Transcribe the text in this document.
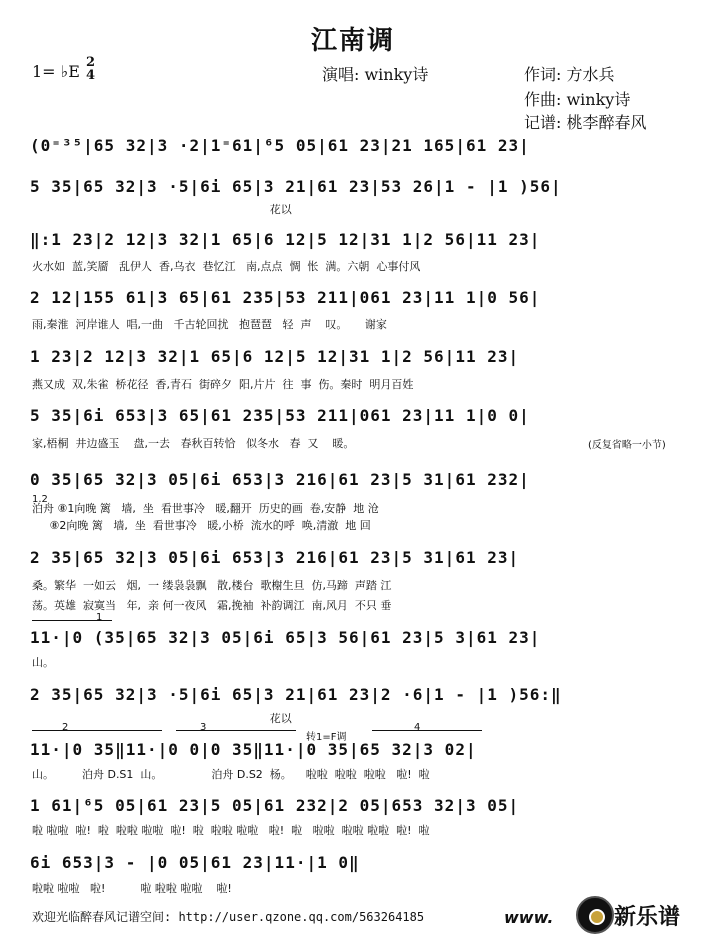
江南调
1= ♭E 2
4	演唱: winky诗	作词: 方水兵
作曲: winky诗
记谱: 桃李醉春风
(0⁼³⁵|65 32|3 ·2|1⁼61|⁶5 05|61 23|21 165|61 23|
5 35|65 32|3 ·5|6i 65|3 21|61 23|53 26|1 - |1 )56|
花以
‖:1 23|2 12|3 32|1 65|6 12|5 12|31 1|2 56|11 23|
火水如  蓝,笑靥   乱伊人  香,乌衣  巷忆江   南,点点  惆  怅  满。六朝  心事付风
2 12|155 61|3 65|61 235|53 211|061 23|11 1|0 56|
雨,秦淮  河岸谁人  唱,一曲   千古轮回扰   抱琶琶   轻  声    叹。     谢家
1 23|2 12|3 32|1 65|6 12|5 12|31 1|2 56|11 23|
燕又成  双,朱雀  桥花径  香,青石  街碎夕  阳,片片  往  事  伤。秦时  明月百姓
5 35|6i 653|3 65|61 235|53 211|061 23|11 1|0 0|
家,梧桐  井边盛玉    盘,一去   春秋百转恰   似冬水   春  又    暖。	(反复省略一小节)
0 35|65 32|3 05|6i 653|3 216|61 23|5 31|61 232|
1.2
泊舟 ⑧1向晚 篱   墙,  坐  看世事冷   暖,翻开  历史的画  卷,安静  地 沧
⑧2向晚 篱   墙,  坐  看世事冷   暖,小桥  流水的呼  唤,清澈  地 回
2 35|65 32|3 05|6i 653|3 216|61 23|5 31|61 23|
桑。繁华  一如云   烟,  一 缕袅袅飘   散,楼台  歌榭生旦  仿,马蹄  声踏 江
荡。英雄  寂寞当   年,  亲 何一夜风   霜,挽袖  补韵调江  南,风月  不只 垂
1
11·|0 (35|65 32|3 05|6i 65|3 56|61 23|5 3|61 23|
山。
2 35|65 32|3 ·5|6i 65|3 21|61 23|2 ·6|1 - |1 )56:‖
花以
2	3
转1=F调
4
11·|0 35‖11·|0 0|0 35‖11·|0 35|65 32|3 02|
山。        泊舟 D.S1  山。              泊舟 D.S2  杨。    啦啦  啦啦  啦啦   啦!  啦
1 61|⁶5 05|61 23|5 05|61 232|2 05|653 32|3 05|
啦 啦啦  啦!  啦  啦啦 啦啦  啦!  啦  啦啦 啦啦   啦!  啦   啦啦  啦啦 啦啦  啦!  啦
6i 653|3 - |0 05|61 23|11·|1 0‖
啦啦 啦啦   啦!          啦 啦啦 啦啦    啦!
欢迎光临醉春风记谱空间: http://user.qzone.qq.com/563264185	www.	新乐谱
